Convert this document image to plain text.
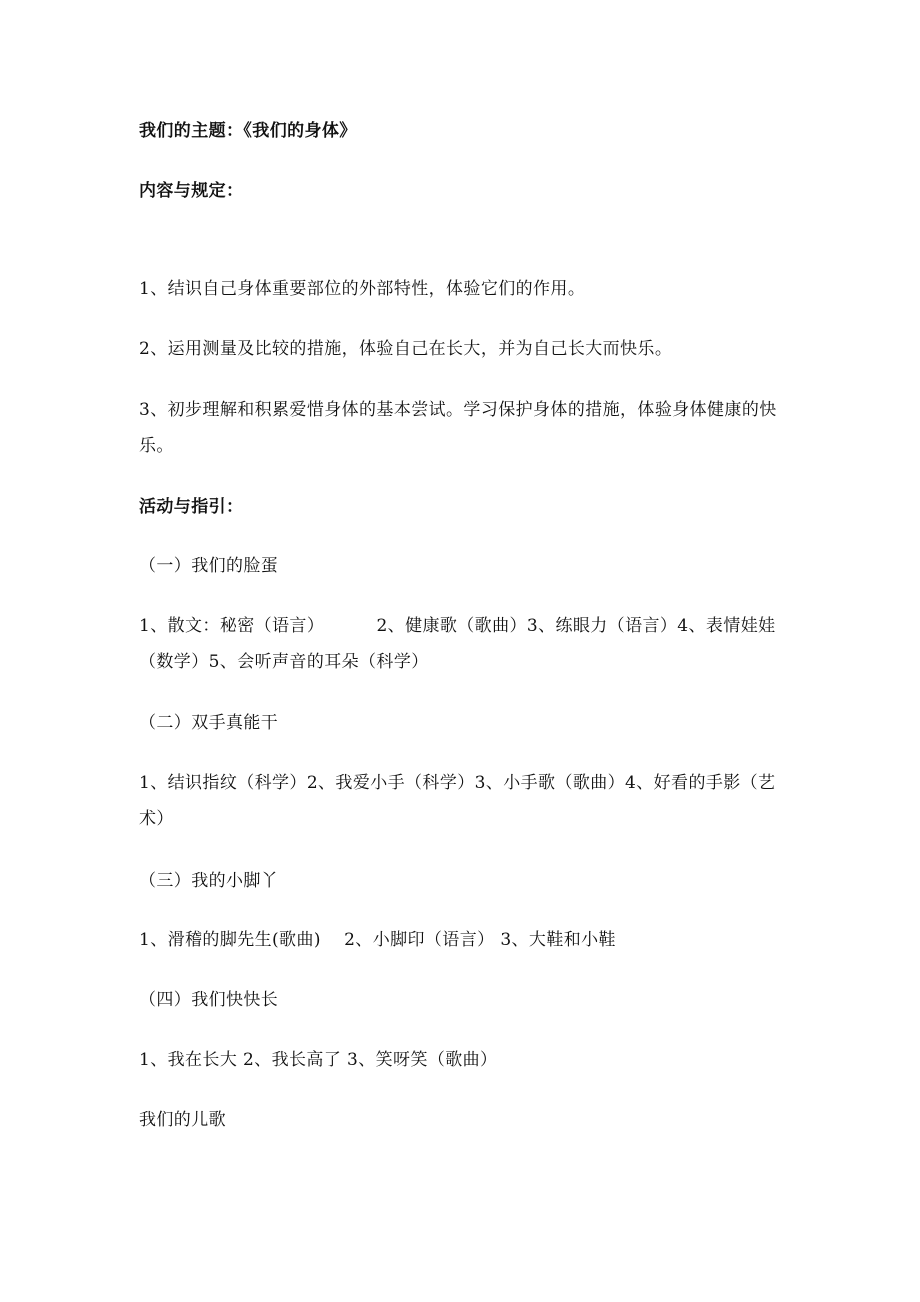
我们的主题：《我们的身体》
内容与规定：
1、结识自己身体重要部位的外部特性，体验它们的作用。
2、运用测量及比较的措施，体验自己在长大，并为自己长大而快乐。
3、初步理解和积累爱惜身体的基本尝试。学习保护身体的措施，体验身体健康的快乐。
活动与指引：
（一）我们的脸蛋
1、散文：秘密（语言）         2、健康歌（歌曲）3、练眼力（语言）4、表情娃娃（数学）5、会听声音的耳朵（科学）
（二）双手真能干
1、结识指纹（科学）2、我爱小手（科学）3、小手歌（歌曲）4、好看的手影（艺术）
（三）我的小脚丫
1、滑稽的脚先生(歌曲)    2、小脚印（语言） 3、大鞋和小鞋
（四）我们快快长
1、我在长大 2、我长高了 3、笑呀笑（歌曲）
我们的儿歌
